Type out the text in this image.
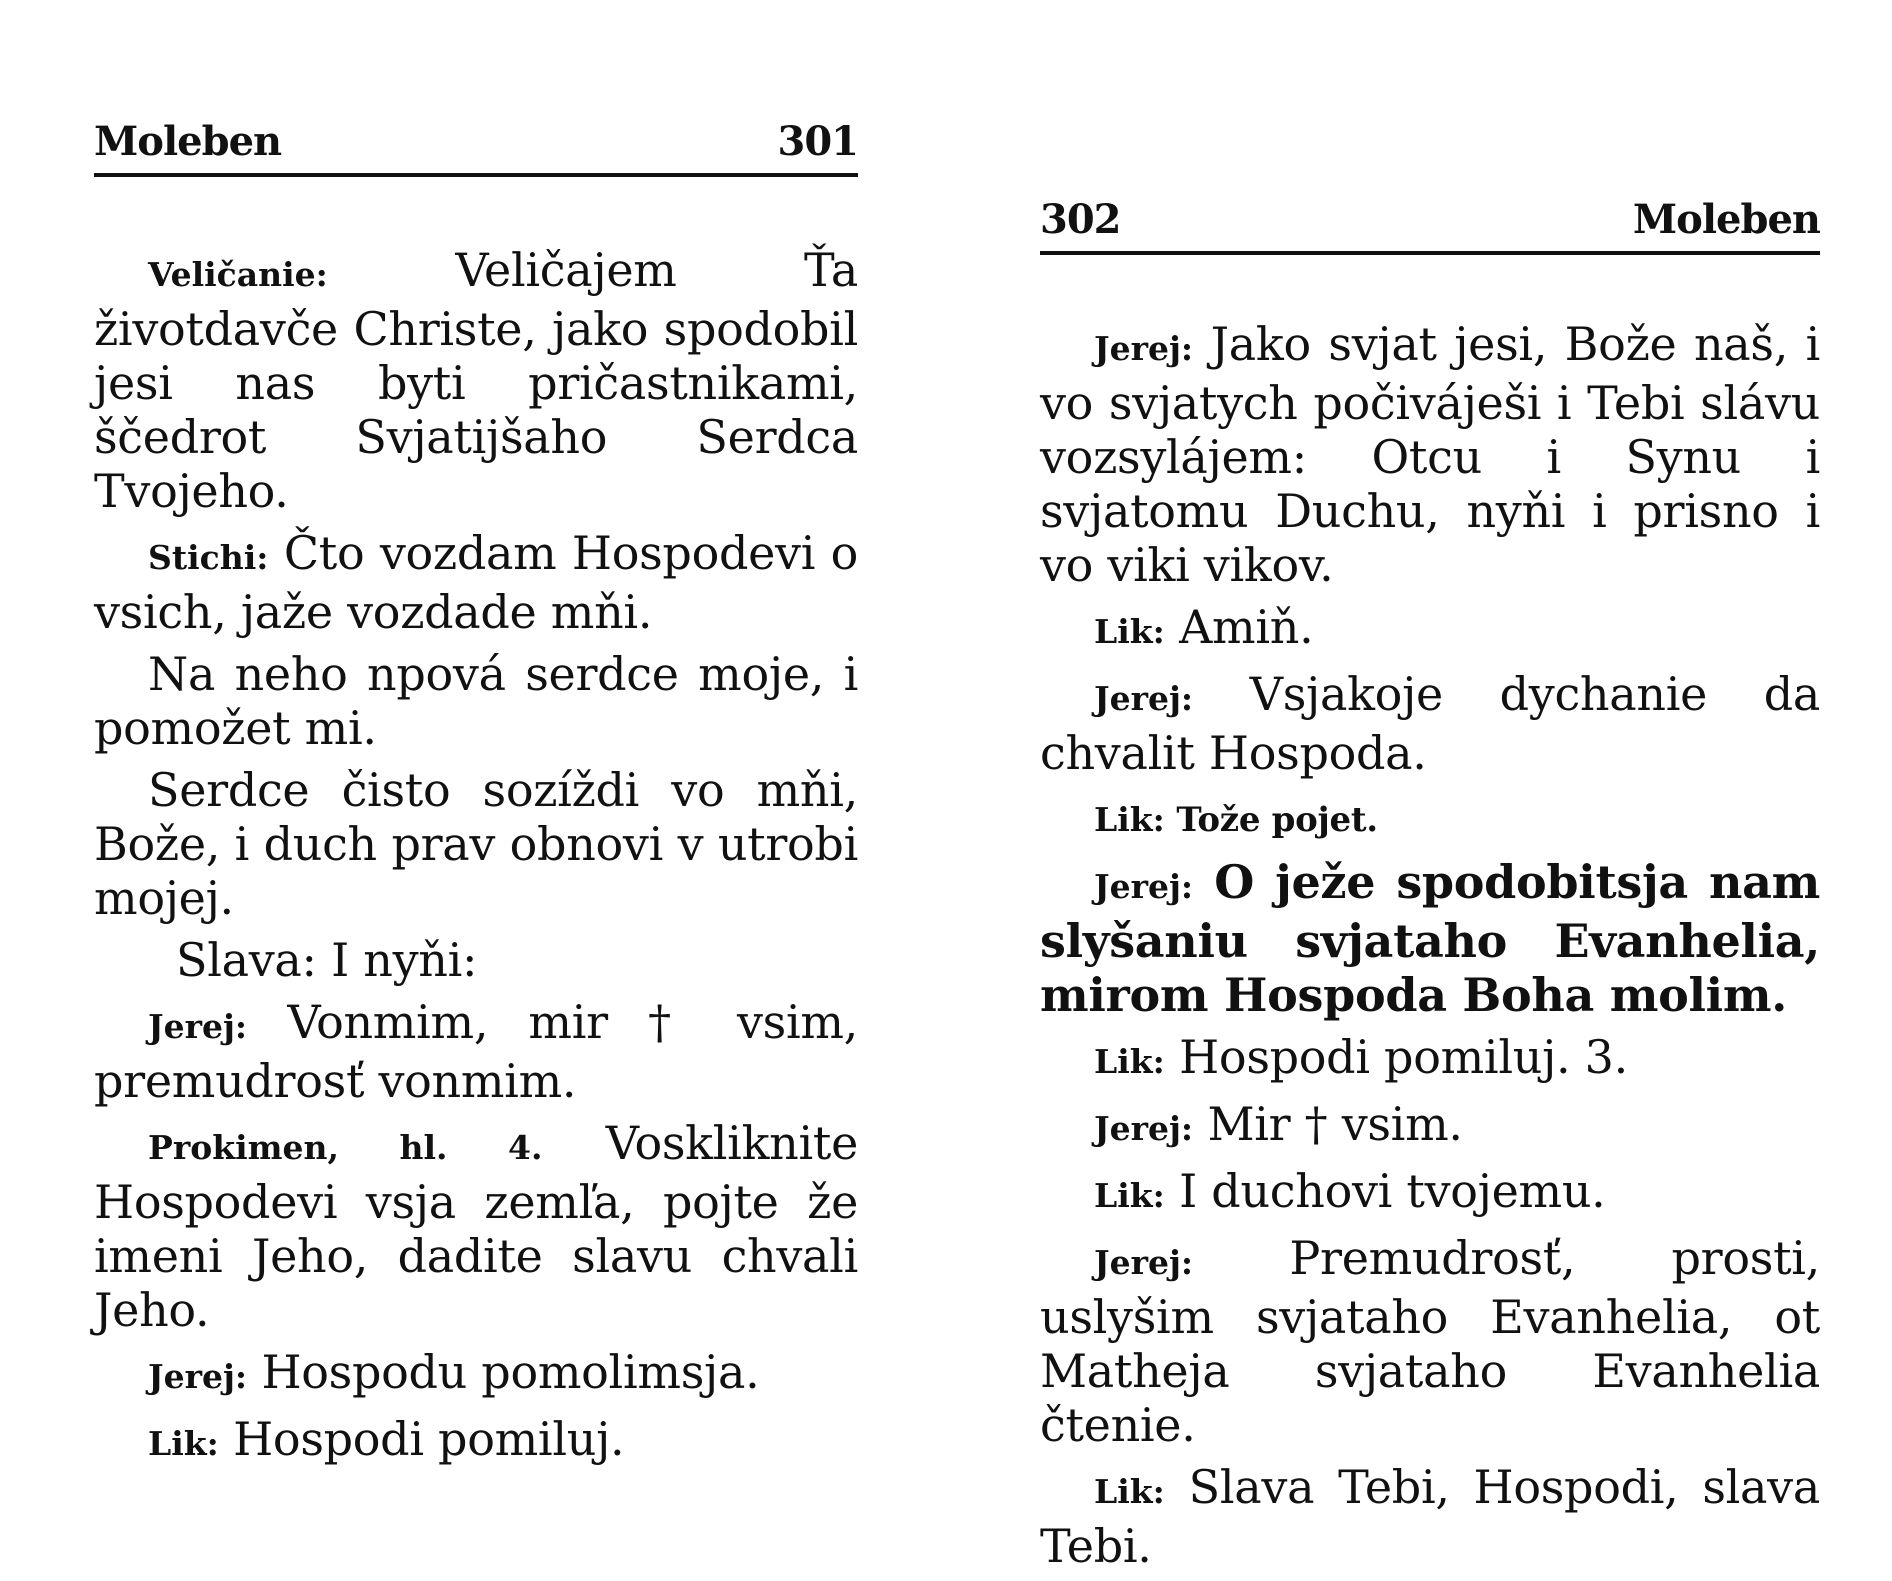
Moleben	301

Veličanie: Veličajem Ťa životdavče Christe, jako spodobil jesi nas byti pričastnikami, ščedrot Svjatijšaho Serdca Tvojeho.

Stichi: Čto vozdam Hospodevi o vsich, jaže vozdade mňi.

Na neho npová serdce moje, i pomožet mi.

Serdce čisto sozíždi vo mňi, Bože, i duch prav obnovi v utrobi mojej.

Slava: I nyňi:

Jerej: Vonmim, mir † vsim, premudrosť vonmim.

Prokimen, hl. 4. Voskliknite Hospodevi vsja zemľa, pojte že imeni Jeho, dadite slavu chvali Jeho.

Jerej: Hospodu pomolimsja.

Lik: Hospodi pomiluj.

302	Moleben

Jerej: Jako svjat jesi, Bože naš, i vo svjatych počiváješi i Tebi slávu vozsylájem: Otcu i Synu i svjatomu Duchu, nyňi i prisno i vo viki vikov.

Lik: Amiň.

Jerej: Vsjakoje dychanie da chvalit Hospoda.

Lik: Tože pojet.

Jerej: O ježe spodobitsja nam slyšaniu svjataho Evanhelia, mirom Hospoda Boha molim.

Lik: Hospodi pomiluj. 3.

Jerej: Mir † vsim.

Lik: I duchovi tvojemu.

Jerej: Premudrosť, prosti, uslyšim svjataho Evanhelia, ot Matheja svjataho Evanhelia čtenie.

Lik: Slava Tebi, Hospodi, slava Tebi.
